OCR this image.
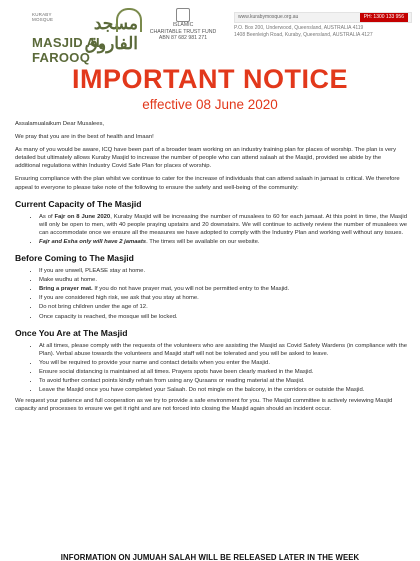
KURABY MOSQUE	مسجد الفاروق
MASJID AL FAROOQ
ISLAMIC
CHARITABLE TRUST FUND
ABN 87 682 981 271
www.kurabymosque.org.au	PH: 1300 133 956
P.O. Box 200, Underwood, Queensland, AUSTRALIA 4119
1408 Beenleigh Road, Kuraby, Queensland, AUSTRALIA 4127
IMPORTANT NOTICE
effective 08 June 2020

Assalamualaikum Dear Musalees,

We pray that you are in the best of health and Imaan!

As many of you would be aware, ICQ have been part of a broader team working on an industry training plan for places of worship. The plan is very detailed but ultimately allows Kuraby Masjid to increase the number of people who can attend salaah at the Masjid, provided we abide by the additional regulations within Industry Covid Safe Plan for places of worship.

Ensuring compliance with the plan whilst we continue to cater for the increase of individuals that can attend salaah in jamaat is critical. We therefore appeal to everyone to please take note of the following to ensure the safety and well-being of the community:

Current Capacity of The Masjid
• As of Fajr on 8 June 2020, Kuraby Masjid will be increasing the number of musalees to 60 for each jamaat. At this point in time, the Masjid will only be open to men, with 40 people praying upstairs and 20 downstairs. We will continue to actively review the number of musalees we can accommodate once we ensure all the measures we have adopted to comply with the Industry Plan and working well without any issues.
• Fajr and Esha only will have 2 jamaats. The times will be available on our website.
Before Coming to The Masjid
• If you are unwell, PLEASE stay at home.
• Make wudhu at home.
• Bring a prayer mat. If you do not have prayer mat, you will not be permitted entry to the Masjid.
• If you are considered high risk, we ask that you stay at home.
• Do not bring children under the age of 12.
• Once capacity is reached, the mosque will be locked.
Once You Are at The Masjid
• At all times, please comply with the requests of the volunteers who are assisting the Masjid as Covid Safety Wardens (in compliance with the Plan). Verbal abuse towards the volunteers and Masjid staff will not be tolerated and you will be asked to leave.
• You will be required to provide your name and contact details when you enter the Masjid.
• Ensure social distancing is maintained at all times. Prayers spots have been clearly marked in the Masjid.
• To avoid further contact points kindly refrain from using any Quraans or reading material at the Masjid.
• Leave the Masjid once you have completed your Salaah. Do not mingle on the balcony, in the corridors or outside the Masjid.

We request your patience and full cooperation as we try to provide a safe environment for you. The Masjid committee is actively reviewing Masjid capacity and processes to ensure we get it right and are not forced into closing the Masjid again should an incident occur.

INFORMATION ON JUMUAH SALAH WILL BE RELEASED LATER IN THE WEEK
